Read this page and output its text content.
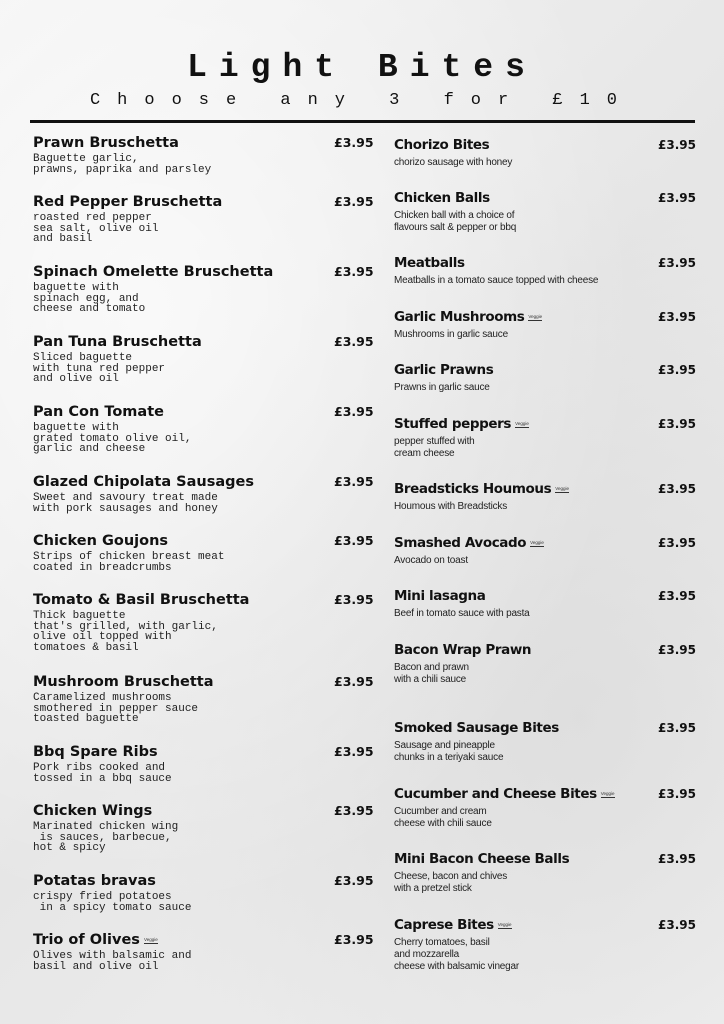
Light Bites
Choose any 3 for £10
Prawn Bruschetta	£3.95
Baguette garlic,
prawns, paprika and parsley
Red Pepper Bruschetta	£3.95
roasted red pepper
sea salt, olive oil
and basil
Spinach Omelette Bruschetta	£3.95
baguette with
spinach egg, and
cheese and tomato
Pan Tuna Bruschetta	£3.95
Sliced baguette
with tuna red pepper
and olive oil
Pan Con Tomate	£3.95
baguette with
grated tomato olive oil,
garlic and cheese
Glazed Chipolata Sausages	£3.95
Sweet and savoury treat made
with pork sausages and honey
Chicken Goujons	£3.95
Strips of chicken breast meat
coated in breadcrumbs
Tomato & Basil Bruschetta	£3.95
Thick baguette
that's grilled, with garlic,
olive oil topped with
tomatoes & basil
Mushroom Bruschetta	£3.95
Caramelized mushrooms
smothered in pepper sauce
toasted baguette
Bbq Spare Ribs	£3.95
Pork ribs cooked and
tossed in a bbq sauce
Chicken Wings	£3.95
Marinated chicken wing
is sauces, barbecue,
hot & spicy
Potatas bravas	£3.95
crispy fried potatoes
in a spicy tomato sauce
Trio of Olives Veggie	£3.95
Olives with balsamic and
basil and olive oil
Chorizo Bites	£3.95
chorizo sausage with honey
Chicken Balls	£3.95
Chicken ball with a choice of
flavours salt & pepper or bbq
Meatballs	£3.95
Meatballs in a tomato sauce topped with cheese
Garlic Mushrooms Veggie	£3.95
Mushrooms in garlic sauce
Garlic Prawns	£3.95
Prawns in garlic sauce
Stuffed peppers Veggie	£3.95
pepper stuffed with
cream cheese
Breadsticks Houmous Veggie	£3.95
Houmous with Breadsticks
Smashed Avocado Veggie	£3.95
Avocado on toast
Mini lasagna	£3.95
Beef in tomato sauce with pasta
Bacon Wrap Prawn	£3.95
Bacon and prawn
with a chili sauce
Smoked Sausage Bites	£3.95
Sausage and pineapple
chunks in a teriyaki sauce
Cucumber and Cheese Bites Veggie	£3.95
Cucumber and cream
cheese with chili sauce
Mini Bacon Cheese Balls	£3.95
Cheese, bacon and chives
with a pretzel stick
Caprese Bites Veggie	£3.95
Cherry tomatoes, basil
and mozzarella
cheese with balsamic vinegar
